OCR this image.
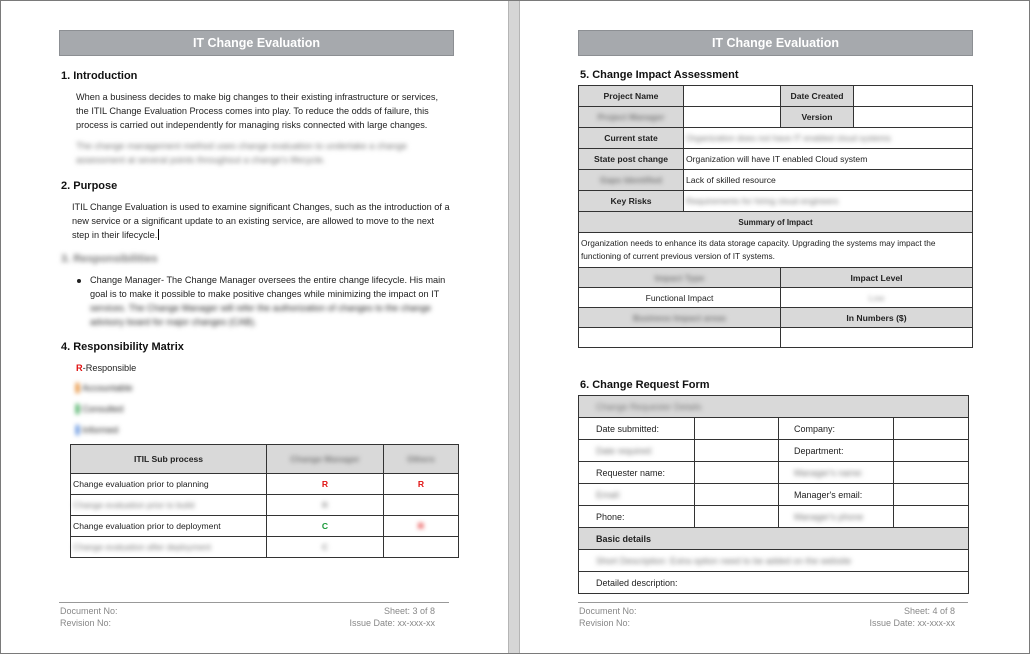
IT Change Evaluation
1. Introduction
When a business decides to make big changes to their existing infrastructure or services,
the ITIL Change Evaluation Process comes into play. To reduce the odds of failure, this
process is carried out independently for managing risks connected with large changes.
The change management method uses change evaluation to undertake a change
assessment at several points throughout a change's lifecycle.
2. Purpose
ITIL Change Evaluation is used to examine significant Changes, such as the introduction of a
new service or a significant update to an existing service, are allowed to move to the next
step in their lifecycle.
3. Responsibilities
Change Manager- The Change Manager oversees the entire change lifecycle. His main
goal is to make it possible to make positive changes while minimizing the impact on IT
services. The Change Manager will refer the authorization of changes to the change
advisory board for major changes (CAB).
4. Responsibility Matrix
R-Responsible
Accountable
Consulted
Informed
ITIL Sub process	Change Manager	Others
Change evaluation prior to planning	R	R
Change evaluation prior to build	R	
Change evaluation prior to deployment	C	R
Change evaluation after deployment	C	
Document No:
Revision No:
Sheet: 3 of 8
Issue Date: xx-xxx-xx
IT Change Evaluation
5. Change Impact Assessment
Project Name		Date Created	
Project Manager		Version	
Current state	Organization does not have IT enabled cloud systems		
State post change	Organization will have IT enabled Cloud system		
Gaps Identified	Lack of skilled resource		
Key Risks	Requirements for hiring cloud engineers		
Summary of Impact			

Organization needs to enhance its data storage capacity. Upgrading the systems may impact the
functioning of current previous version of IT systems.			

Impact Type		Impact Level	
Functional Impact		Low	
Business Impact areas		In Numbers ($)	

6. Change Request Form
Change Requester Details			
Date submitted:		Company:	
Date required:		Department:	
Requester name:		Manager's name:	
Email:		Manager's email:	
Phone:		Manager's phone	
Basic details			
Short Description: Extra option need to be added on the website			
Detailed description:			
Document No:
Revision No:
Sheet: 4 of 8
Issue Date: xx-xxx-xx
